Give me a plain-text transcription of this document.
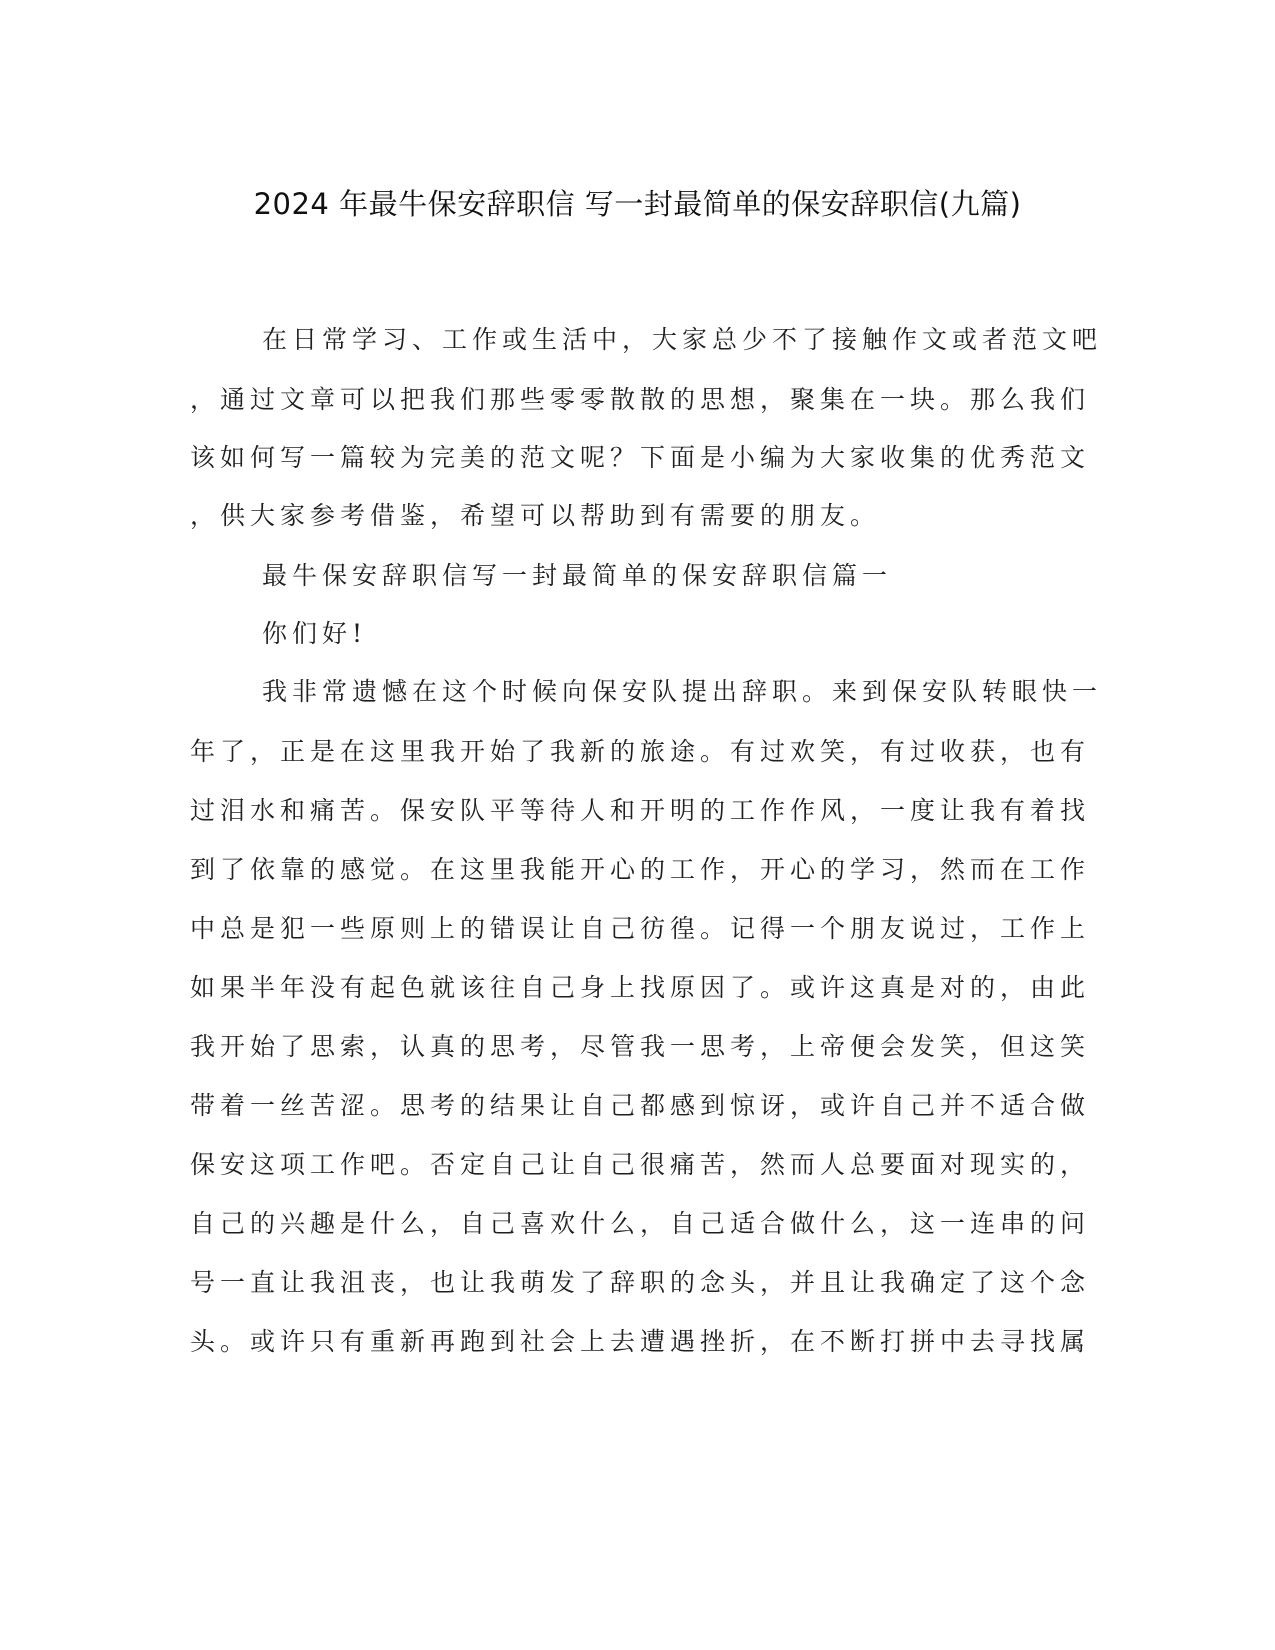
2024 年最牛保安辞职信 写一封最简单的保安辞职信(九篇)
在日常学习、工作或生活中，大家总少不了接触作文或者范文吧
，通过文章可以把我们那些零零散散的思想，聚集在一块。那么我们
该如何写一篇较为完美的范文呢？下面是小编为大家收集的优秀范文
，供大家参考借鉴，希望可以帮助到有需要的朋友。
最牛保安辞职信写一封最简单的保安辞职信篇一
你们好!
我非常遗憾在这个时候向保安队提出辞职。来到保安队转眼快一
年了，正是在这里我开始了我新的旅途。有过欢笑，有过收获，也有
过泪水和痛苦。保安队平等待人和开明的工作作风，一度让我有着找
到了依靠的感觉。在这里我能开心的工作，开心的学习，然而在工作
中总是犯一些原则上的错误让自己彷徨。记得一个朋友说过，工作上
如果半年没有起色就该往自己身上找原因了。或许这真是对的，由此
我开始了思索，认真的思考，尽管我一思考，上帝便会发笑，但这笑
带着一丝苦涩。思考的结果让自己都感到惊讶，或许自己并不适合做
保安这项工作吧。否定自己让自己很痛苦，然而人总要面对现实的，
自己的兴趣是什么，自己喜欢什么，自己适合做什么，这一连串的问
号一直让我沮丧，也让我萌发了辞职的念头，并且让我确定了这个念
头。或许只有重新再跑到社会上去遭遇挫折，在不断打拼中去寻找属
